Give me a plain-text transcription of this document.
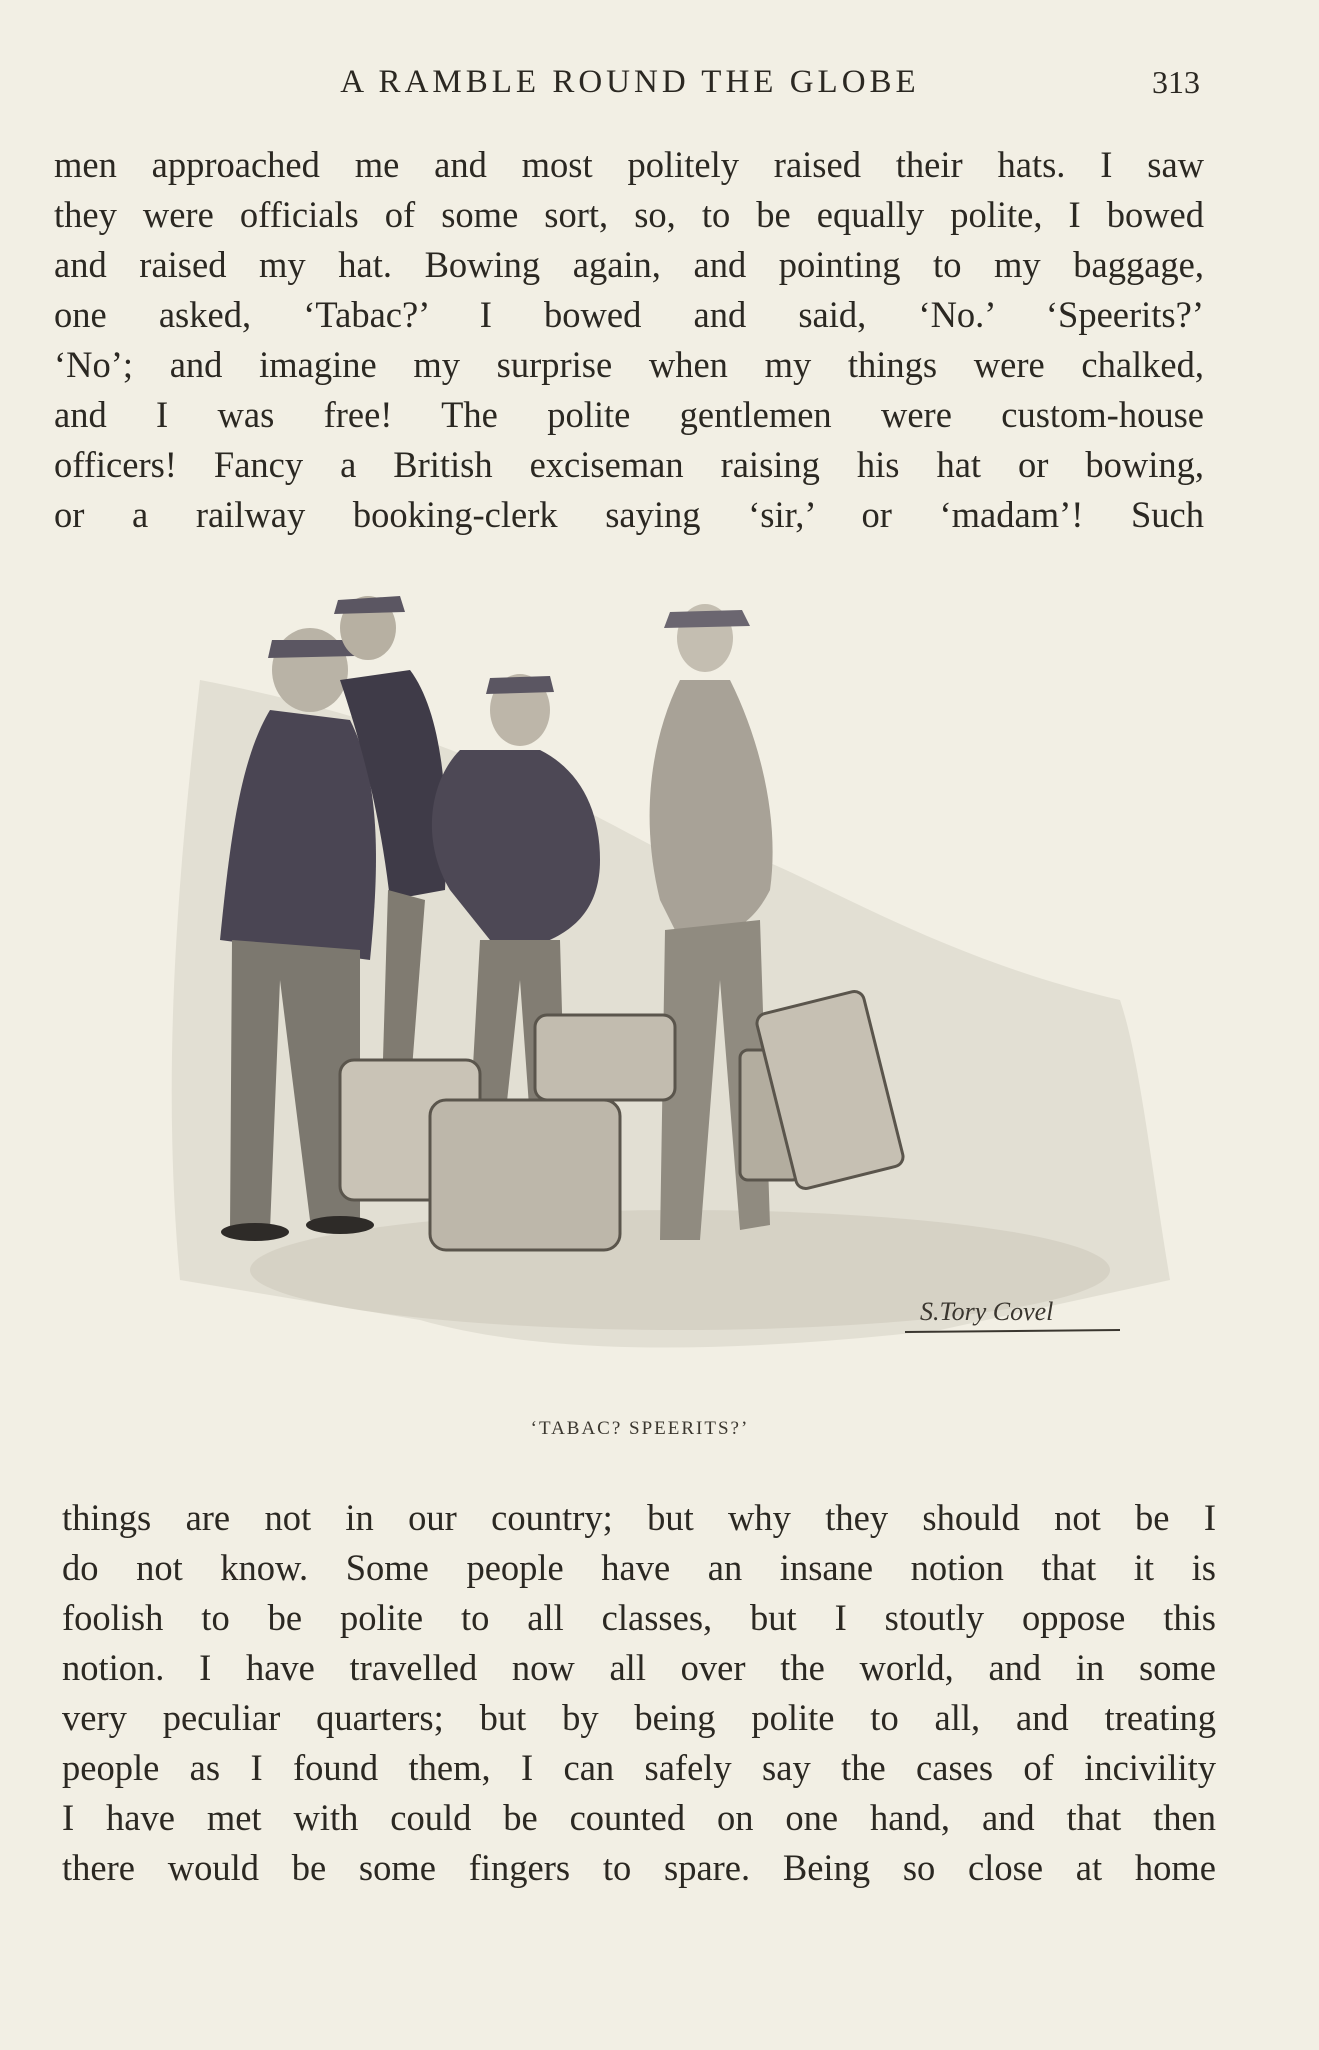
A RAMBLE ROUND THE GLOBE	313
men approached me and most politely raised their hats. I saw
they were officials of some sort, so, to be equally polite, I bowed
and raised my hat. Bowing again, and pointing to my baggage,
one asked, ‘Tabac?’ I bowed and said, ‘No.’ ‘Speerits?’
‘No’; and imagine my surprise when my things were chalked,
and I was free! The polite gentlemen were custom-house
officers! Fancy a British exciseman raising his hat or bowing,
or a railway booking-clerk saying ‘sir,’ or ‘madam’! Such
S.Tory Covel
‘TABAC? SPEERITS?’
things are not in our country; but why they should not be I
do not know. Some people have an insane notion that it is
foolish to be polite to all classes, but I stoutly oppose this
notion. I have travelled now all over the world, and in some
very peculiar quarters; but by being polite to all, and treating
people as I found them, I can safely say the cases of incivility
I have met with could be counted on one hand, and that then
there would be some fingers to spare. Being so close at home
